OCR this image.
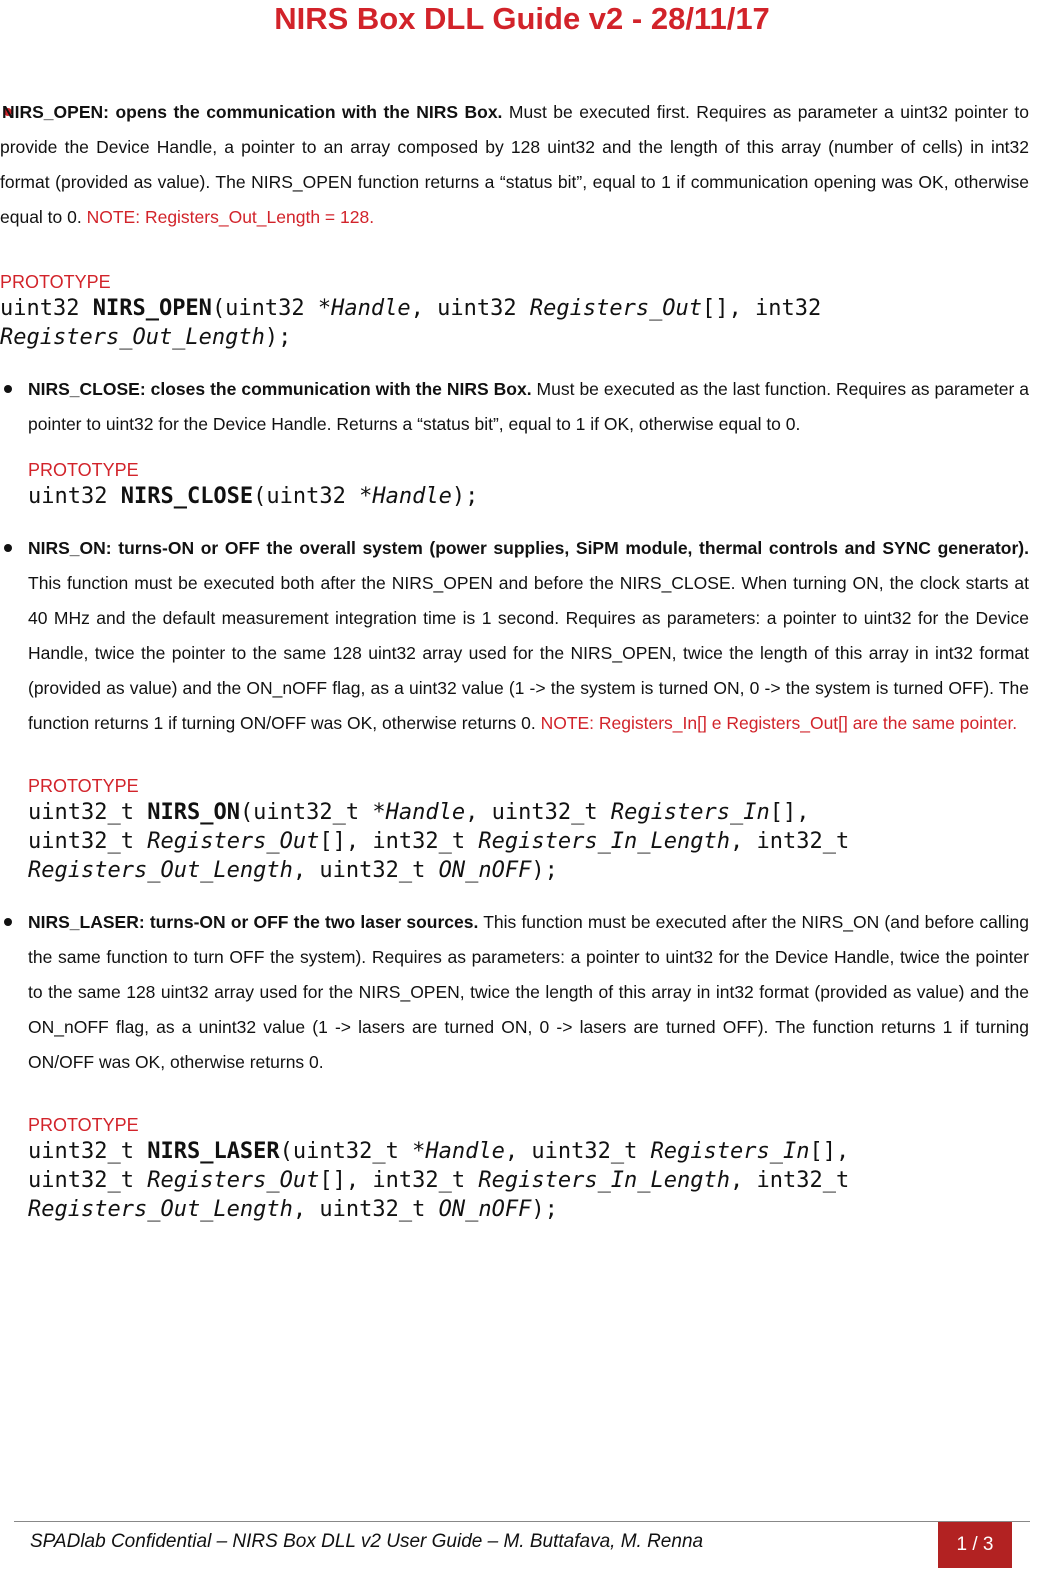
NIRS Box DLL Guide v2 - 28/11/17

NIRS_OPEN: opens the communication with the NIRS Box. Must be executed first. Requires as parameter a uint32 pointer to provide the Device Handle, a pointer to an array composed by 128 uint32 and the length of this array (number of cells) in int32 format (provided as value). The NIRS_OPEN function returns a “status bit”, equal to 1 if communication opening was OK, otherwise equal to 0. NOTE: Registers_Out_Length = 128.

PROTOTYPE

uint32 NIRS_OPEN(uint32 *Handle, uint32 Registers_Out[], int32
Registers_Out_Length);

NIRS_CLOSE: closes the communication with the NIRS Box. Must be executed as the last function. Requires as parameter a pointer to uint32 for the Device Handle. Returns a “status bit”, equal to 1 if OK, otherwise equal to 0.

PROTOTYPE

uint32 NIRS_CLOSE(uint32 *Handle);

NIRS_ON: turns-ON or OFF the overall system (power supplies, SiPM module, thermal controls and SYNC generator). This function must be executed both after the NIRS_OPEN and before the NIRS_CLOSE. When turning ON, the clock starts at 40 MHz and the default measurement integration time is 1 second. Requires as parameters: a pointer to uint32 for the Device Handle, twice the pointer to the same 128 uint32 array used for the NIRS_OPEN, twice the length of this array in int32 format (provided as value) and the ON_nOFF flag, as a uint32 value (1 -> the system is turned ON, 0 -> the system is turned OFF). The function returns 1 if turning ON/OFF was OK, otherwise returns 0. NOTE: Registers_In[] e Registers_Out[] are the same pointer.

PROTOTYPE

uint32_t NIRS_ON(uint32_t *Handle, uint32_t Registers_In[],
uint32_t Registers_Out[], int32_t Registers_In_Length, int32_t
Registers_Out_Length, uint32_t ON_nOFF);

NIRS_LASER: turns-ON or OFF the two laser sources. This function must be executed after the NIRS_ON (and before calling the same function to turn OFF the system). Requires as parameters: a pointer to uint32 for the Device Handle, twice the pointer to the same 128 uint32 array used for the NIRS_OPEN, twice the length of this array in int32 format (provided as value) and the ON_nOFF flag, as a unint32 value (1 -> lasers are turned ON, 0 -> lasers are turned OFF). The function returns 1 if turning ON/OFF was OK, otherwise returns 0.

PROTOTYPE

uint32_t NIRS_LASER(uint32_t *Handle, uint32_t Registers_In[],
uint32_t Registers_Out[], int32_t Registers_In_Length, int32_t
Registers_Out_Length, uint32_t ON_nOFF);

SPADlab Confidential – NIRS Box DLL v2 User Guide – M. Buttafava, M. Renna	1 / 3
